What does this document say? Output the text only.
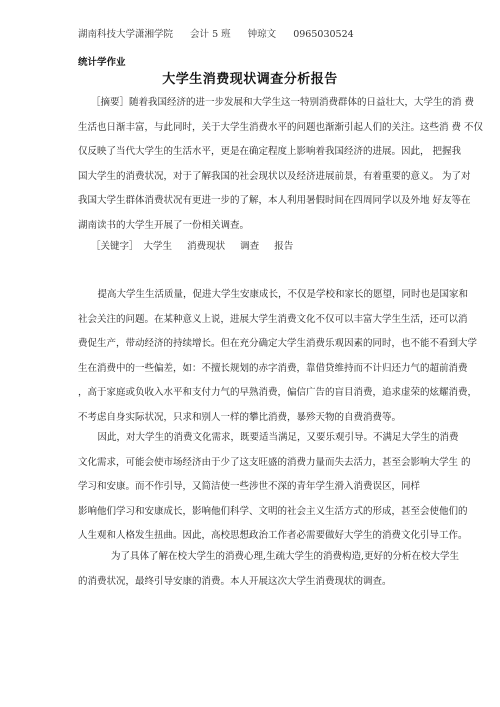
湖南科技大学潇湘学院 会计 5 班 钟琼文 0965030524
统计学作业
大学生消费现状调查分析报告
［摘要］随着我国经济的进一步发展和大学生这一特别消费群体的日益壮大，大学生的消 费
生活也日渐丰富，与此同时，关于大学生消费水平的问题也渐渐引起人们的关注。这些消 费 不仅
仅反映了当代大学生的生活水平，更是在确定程度上影响着我国经济的进展。因此， 把握我
国大学生的消费状况，对于了解我国的社会现状以及经济进展前景，有着重要的意义。 为了对
我国大学生群体消费状况有更进一步的了解，本人利用暑假时间在四周同学以及外地 好友等在
湖南读书的大学生开展了一份相关调查。
［关键字］ 大学生 消费现状 调查 报告
　提高大学生生活质量，促进大学生安康成长，不仅是学校和家长的愿望，同时也是国家和
社会关注的问题。在某种意义上说，进展大学生消费文化不仅可以丰富大学生生活，还可以消
费促生产，带动经济的持续增长。但在充分确定大学生消费乐观因素的同时，也不能不看到大学
生在消费中的一些偏差，如：不擅长规划的赤字消费，靠借贷维持而不计归还力气的超前消费
，高于家庭或负收入水平和支付力气的早熟消费，偏信广告的盲目消费，追求虚荣的炫耀消费，
不考虑自身实际状况，只求和别人一样的攀比消费，暴殄天物的自费消费等。
　因此，对大学生的消费文化需求，既要适当满足，又要乐观引导。不满足大学生的消费
文化需求，可能会使市场经济由于少了这支旺盛的消费力量而失去活力，甚至会影响大学生 的
学习和安康。而不作引导，又简洁使一些涉世不深的青年学生滑入消费误区，同样
影响他们学习和安康成长，影响他们科学、文明的社会主义生活方式的形成，甚至会使他们的
人生观和人格发生扭曲。因此，高校思想政治工作者必需要做好大学生的消费文化引导工作。
　　为了具体了解在校大学生的消费心理,生疏大学生的消费构造,更好的分析在校大学生
的消费状况，最终引导安康的消费。本人开展这次大学生消费现状的调查。
